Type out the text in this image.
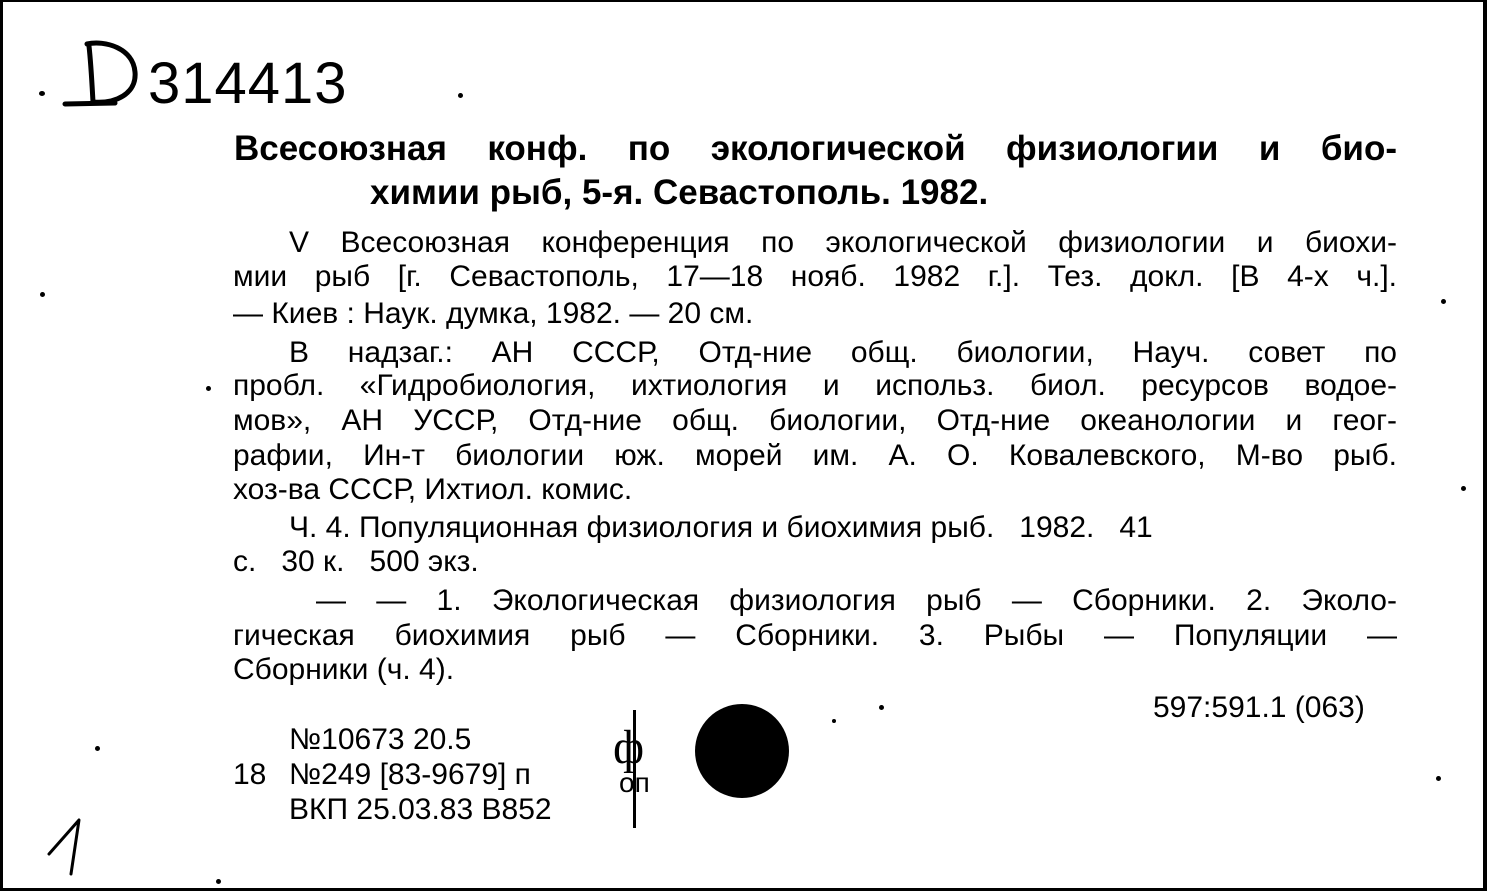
314413
Всесоюзная конф. по экологической физиологии и био-
химии рыб, 5-я. Севастополь. 1982.
V Всесоюзная конференция по экологической физиологии и биохи-
мии рыб [г. Севастополь, 17—18 нояб. 1982 г.]. Тез. докл. [В 4-х ч.].
— Киев : Наук. думка, 1982. — 20 см.
В надзаг.: АН СССР, Отд-ние общ. биологии, Науч. совет по
пробл. «Гидробиология, ихтиология и использ. биол. ресурсов водое-
мов», АН УССР, Отд-ние общ. биологии, Отд-ние океанологии и геог-
рафии, Ин-т биологии юж. морей им. А. О. Ковалевского, М-во рыб.
хоз-ва СССР, Ихтиол. комис.
Ч. 4. Популяционная физиология и биохимия рыб.   1982.   41
с.   30 к.   500 экз.
— — 1. Экологическая физиология рыб — Сборники. 2. Эколо-
гическая биохимия рыб — Сборники. 3. Рыбы — Популяции —
Сборники (ч. 4).
597:591.1 (063)
№10673 20.5
18 №249 [83-9679] п
ВКП 25.03.83 В852
ф
оп
